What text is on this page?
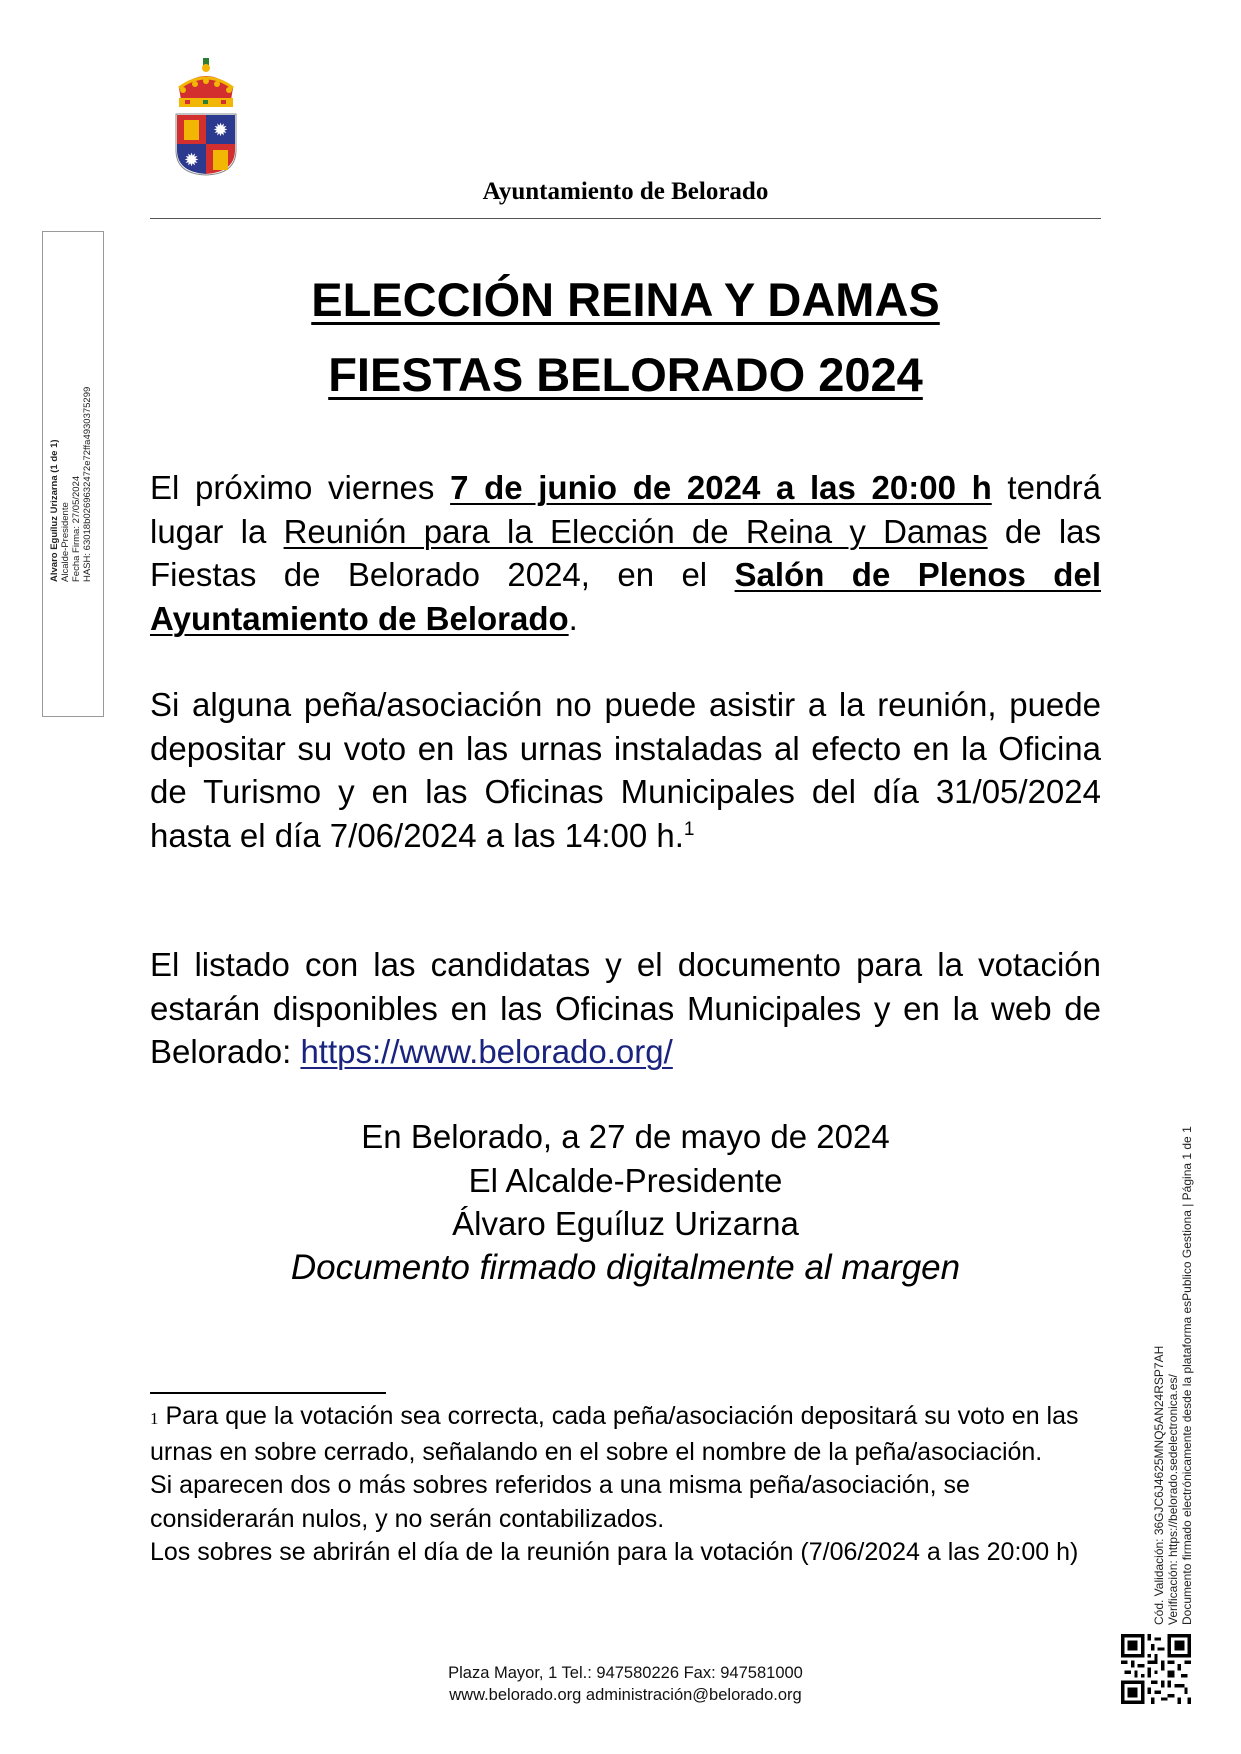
✹
✹
Ayuntamiento de Belorado
Alvaro Eguíluz Urizarna (1 de 1) Alcalde-Presidente Fecha Firma: 27/05/2024 HASH: 63018b02696324​72e72ffa4930375299
ELECCIÓN REINA Y DAMAS
FIESTAS BELORADO 2024
El próximo viernes 7 de junio de 2024 a las 20:00 h tendrá lugar la Reunión para la Elección de Reina y Damas de las Fiestas de Belorado 2024, en el Salón de Plenos del Ayuntamiento de Belorado.
Si alguna peña/asociación no puede asistir a la reunión, puede depositar su voto en las urnas instaladas al efecto en la Oficina de Turismo y en las Oficinas Municipales del día 31/05/2024 hasta el día 7/06/2024 a las 14:00 h.$^1$
El listado con las candidatas y el documento para la votación estarán disponibles en las Oficinas Municipales y en la web de Belorado: https://www.belorado.org/
En Belorado, a 27 de mayo de 2024
El Alcalde-Presidente
Álvaro Eguíluz Urizarna
Documento firmado digitalmente al margen
1 Para que la votación sea correcta, cada peña/asociación depositará su voto en las urnas en sobre cerrado, señalando en el sobre el nombre de la peña/asociación.
Si aparecen dos o más sobres referidos a una misma peña/asociación, se considerarán nulos, y no serán contabilizados.
Los sobres se abrirán el día de la reunión para la votación (7/06/2024 a las 20:00 h)
Plaza Mayor, 1 Tel.: 947580226 Fax: 947581000
www.belorado.org administración@belorado.org
Cód. Validación: 36GJC6J4625MNQ5AN24RSP7AH Verificación: https://belorado.sedelectronica.es/ Documento firmado electrónicamente desde la plataforma esPublico Gestiona | Página 1 de 1
